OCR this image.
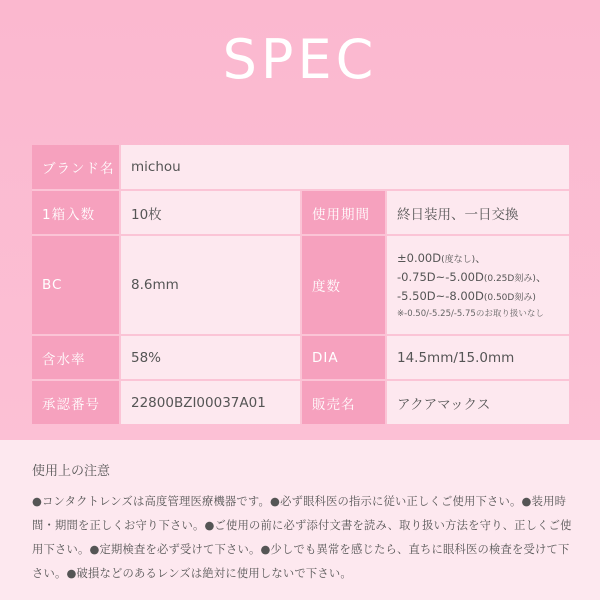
SPEC
ブランド名	michou		
1箱入数	10枚	使用期間	終日装用、一日交換
BC	8.6mm	度数	±0.00D(度なし)、
-0.75D~-5.00D(0.25D刻み)、
-5.50D~-8.00D(0.50D刻み)
※-0.50/-5.25/-5.75のお取り扱いなし

含水率	58%	DIA	14.5mm/15.0mm
承認番号	22800BZI00037A01	販売名	アクアマックス

使用上の注意

●コンタクトレンズは高度管理医療機器です。●必ず眼科医の指示に従い正しくご使用下さい。●装用時間・期間を正しくお守り下さい。●ご使用の前に必ず添付文書を読み、取り扱い方法を守り、正しくご使用下さい。●定期検査を必ず受けて下さい。●少しでも異常を感じたら、直ちに眼科医の検査を受けて下さい。●破損などのあるレンズは絶対に使用しないで下さい。
